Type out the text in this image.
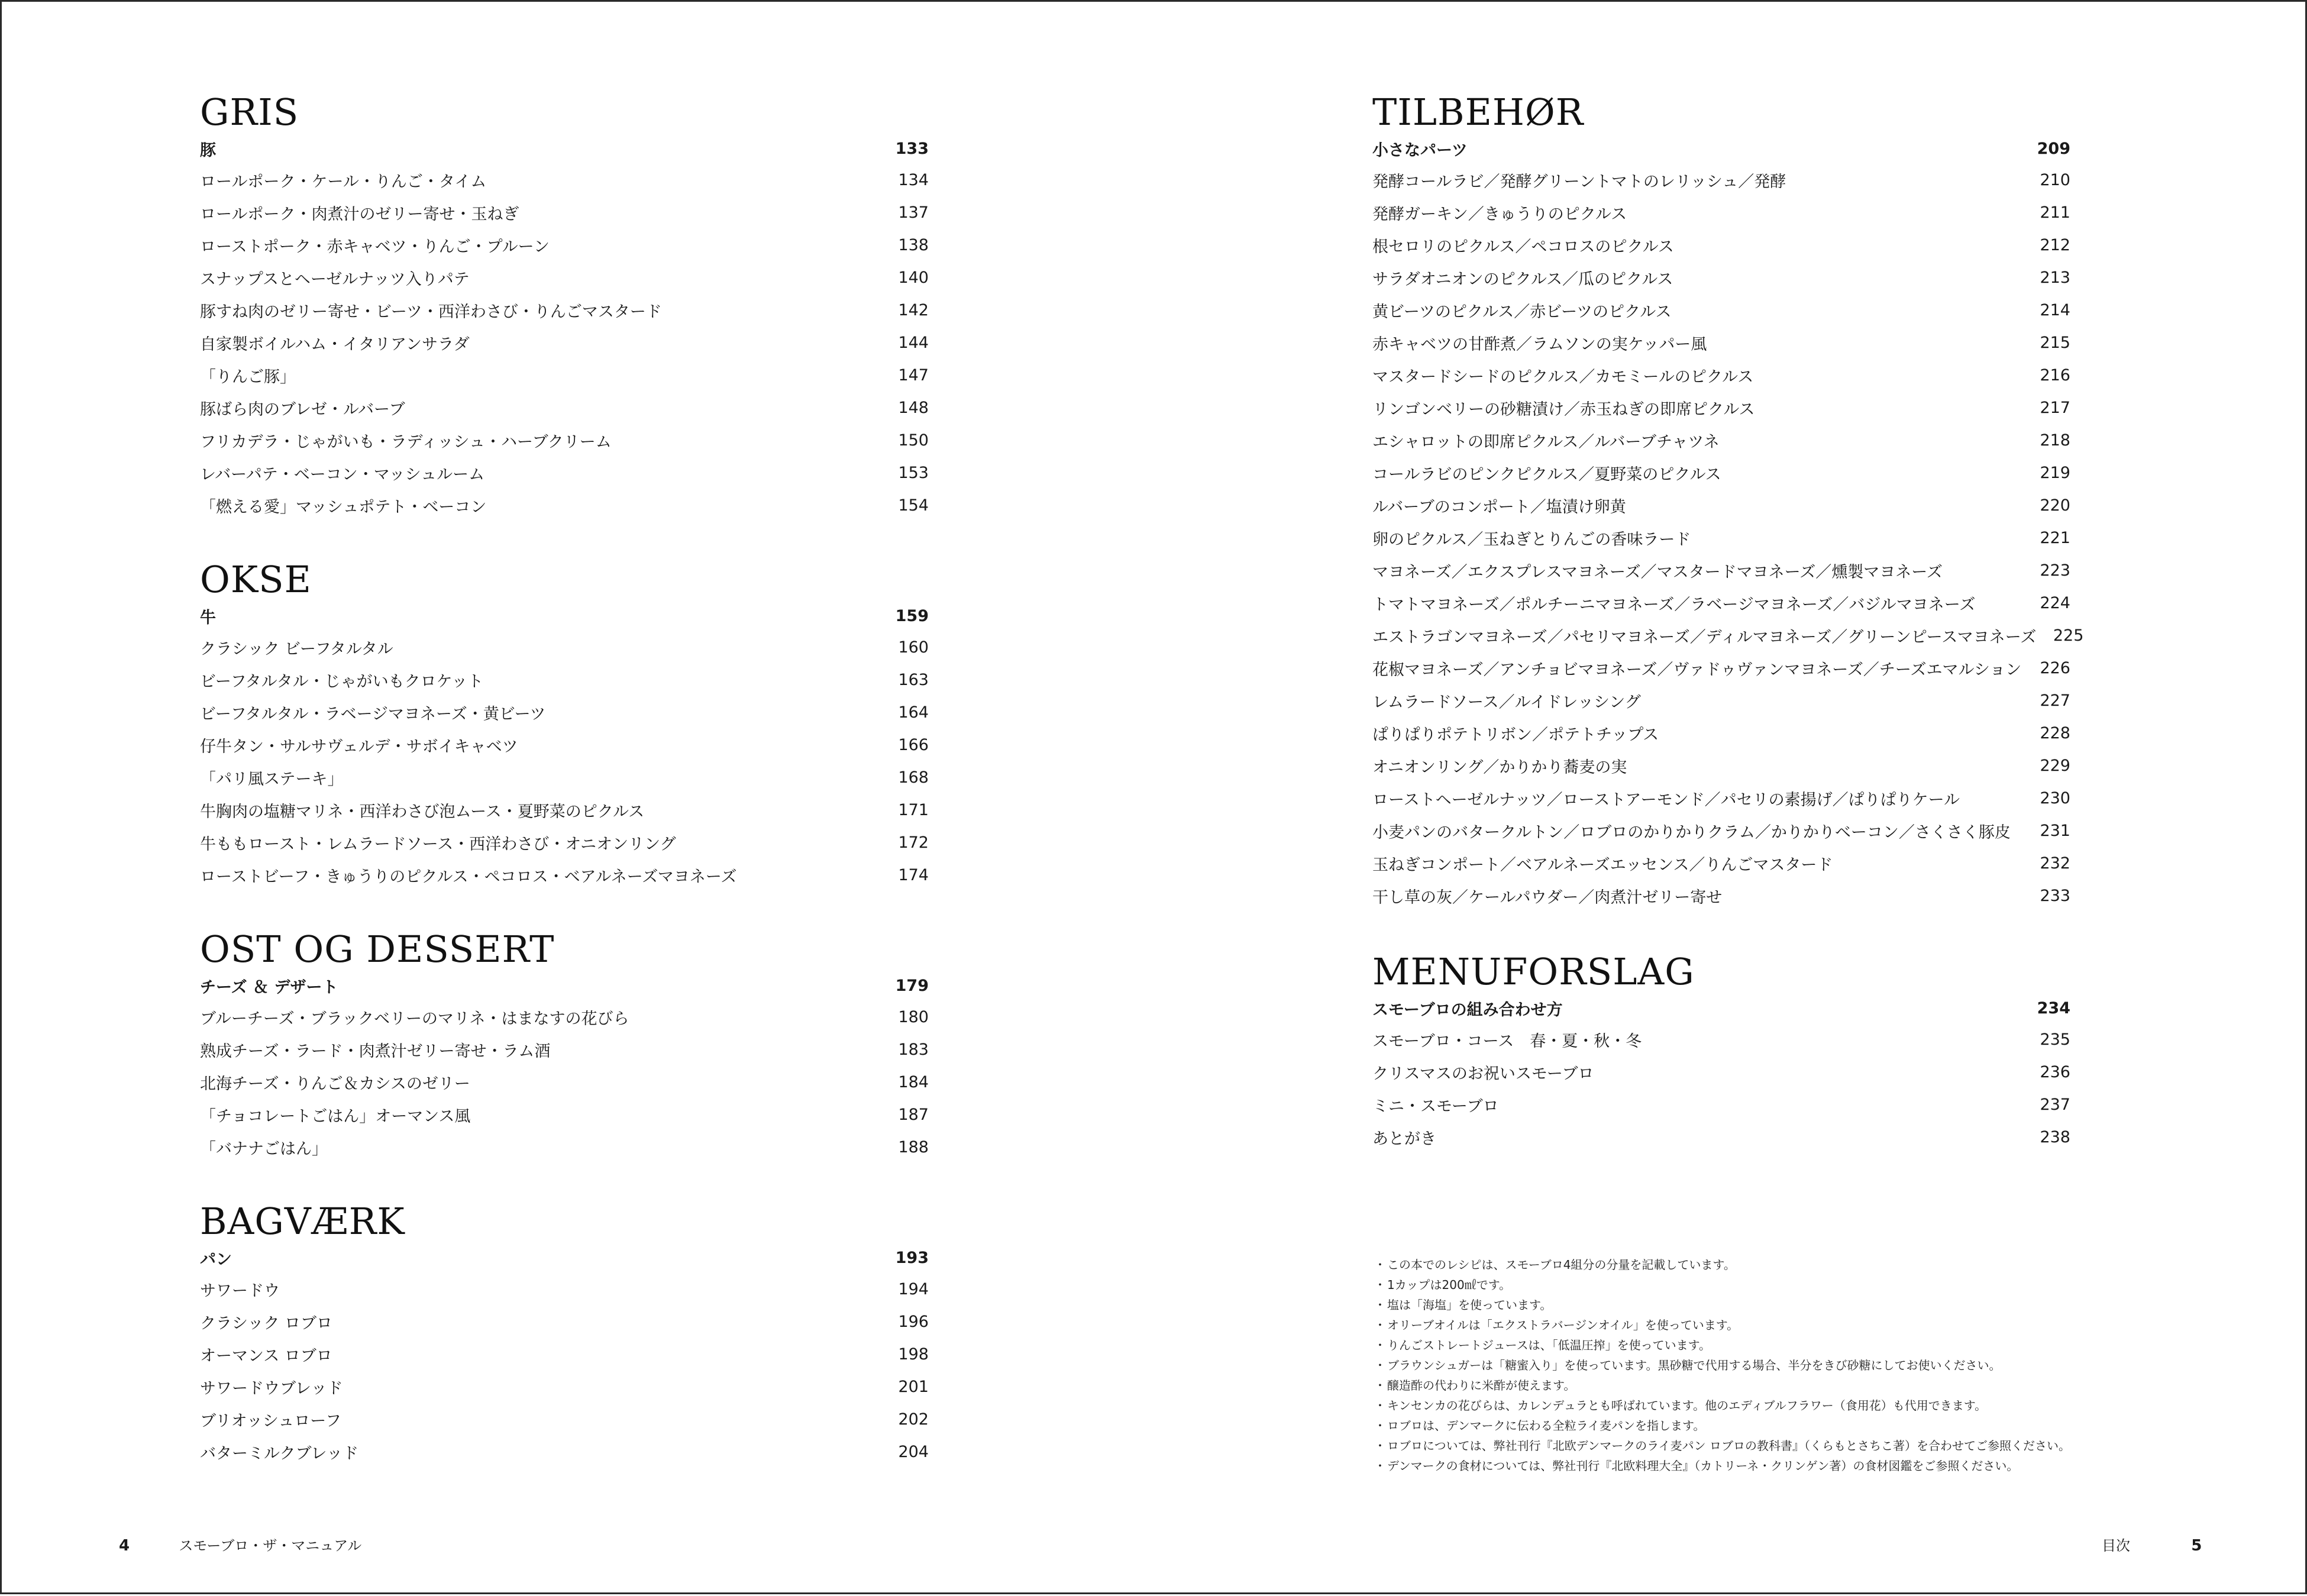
GRIS
豚	133
ロールポーク・ケール・りんご・タイム	134
ロールポーク・肉煮汁のゼリー寄せ・玉ねぎ	137
ローストポーク・赤キャベツ・りんご・プルーン	138
スナップスとヘーゼルナッツ入りパテ	140
豚すね肉のゼリー寄せ・ビーツ・西洋わさび・りんごマスタード	142
自家製ボイルハム・イタリアンサラダ	144
「りんご豚」	147
豚ばら肉のブレゼ・ルバーブ	148
フリカデラ・じゃがいも・ラディッシュ・ハーブクリーム	150
レバーパテ・ベーコン・マッシュルーム	153
「燃える愛」マッシュポテト・ベーコン	154
OKSE
牛	159
クラシック ビーフタルタル	160
ビーフタルタル・じゃがいもクロケット	163
ビーフタルタル・ラベージマヨネーズ・黄ビーツ	164
仔牛タン・サルサヴェルデ・サボイキャベツ	166
「パリ風ステーキ」	168
牛胸肉の塩糖マリネ・西洋わさび泡ムース・夏野菜のピクルス	171
牛ももロースト・レムラードソース・西洋わさび・オニオンリング	172
ローストビーフ・きゅうりのピクルス・ペコロス・ベアルネーズマヨネーズ	174
OST OG DESSERT
チーズ ＆ デザート	179
ブルーチーズ・ブラックベリーのマリネ・はまなすの花びら	180
熟成チーズ・ラード・肉煮汁ゼリー寄せ・ラム酒	183
北海チーズ・りんご＆カシスのゼリー	184
「チョコレートごはん」オーマンス風	187
「バナナごはん」	188
BAGVÆRK
パン	193
サワードウ	194
クラシック ロブロ	196
オーマンス ロブロ	198
サワードウブレッド	201
ブリオッシュローフ	202
バターミルクブレッド	204
4	スモーブロ・ザ・マニュアル
TILBEHØR
小さなパーツ	209
発酵コールラビ／発酵グリーントマトのレリッシュ／発酵	210
発酵ガーキン／きゅうりのピクルス	211
根セロリのピクルス／ペコロスのピクルス	212
サラダオニオンのピクルス／瓜のピクルス	213
黄ビーツのピクルス／赤ビーツのピクルス	214
赤キャベツの甘酢煮／ラムソンの実ケッパー風	215
マスタードシードのピクルス／カモミールのピクルス	216
リンゴンベリーの砂糖漬け／赤玉ねぎの即席ピクルス	217
エシャロットの即席ピクルス／ルバーブチャツネ	218
コールラビのピンクピクルス／夏野菜のピクルス	219
ルバーブのコンポート／塩漬け卵黄	220
卵のピクルス／玉ねぎとりんごの香味ラード	221
マヨネーズ／エクスプレスマヨネーズ／マスタードマヨネーズ／燻製マヨネーズ	223
トマトマヨネーズ／ポルチーニマヨネーズ／ラベージマヨネーズ／バジルマヨネーズ	224
エストラゴンマヨネーズ／パセリマヨネーズ／ディルマヨネーズ／グリーンピースマヨネーズ	225
花椒マヨネーズ／アンチョビマヨネーズ／ヴァドゥヴァンマヨネーズ／チーズエマルション	226
レムラードソース／ルイドレッシング	227
ぱりぱりポテトリボン／ポテトチップス	228
オニオンリング／かりかり蕎麦の実	229
ローストヘーゼルナッツ／ローストアーモンド／パセリの素揚げ／ぱりぱりケール	230
小麦パンのバタークルトン／ロブロのかりかりクラム／かりかりベーコン／さくさく豚皮	231
玉ねぎコンポート／ベアルネーズエッセンス／りんごマスタード	232
干し草の灰／ケールパウダー／肉煮汁ゼリー寄せ	233
MENUFORSLAG
スモーブロの組み合わせ方	234
スモーブロ・コース　春・夏・秋・冬	235
クリスマスのお祝いスモーブロ	236
ミニ・スモーブロ	237
あとがき	238
目次	5
・ この本でのレシピは、スモーブロ4組分の分量を記載しています。
・ 1カップは200㎖です。
・ 塩は「海塩」を使っています。
・ オリーブオイルは「エクストラバージンオイル」を使っています。
・ りんごストレートジュースは、「低温圧搾」を使っています。
・ ブラウンシュガーは「糖蜜入り」を使っています。黒砂糖で代用する場合、半分をきび砂糖にしてお使いください。
・ 醸造酢の代わりに米酢が使えます。
・ キンセンカの花びらは、カレンデュラとも呼ばれています。他のエディブルフラワー（食用花）も代用できます。
・ ロブロは、デンマークに伝わる全粒ライ麦パンを指します。
・ ロブロについては、弊社刊行『北欧デンマークのライ麦パン ロブロの教科書』（くらもとさちこ著）を合わせてご参照ください。
・ デンマークの食材については、弊社刊行『北欧料理大全』（カトリーネ・クリンゲン著）の食材図鑑をご参照ください。
